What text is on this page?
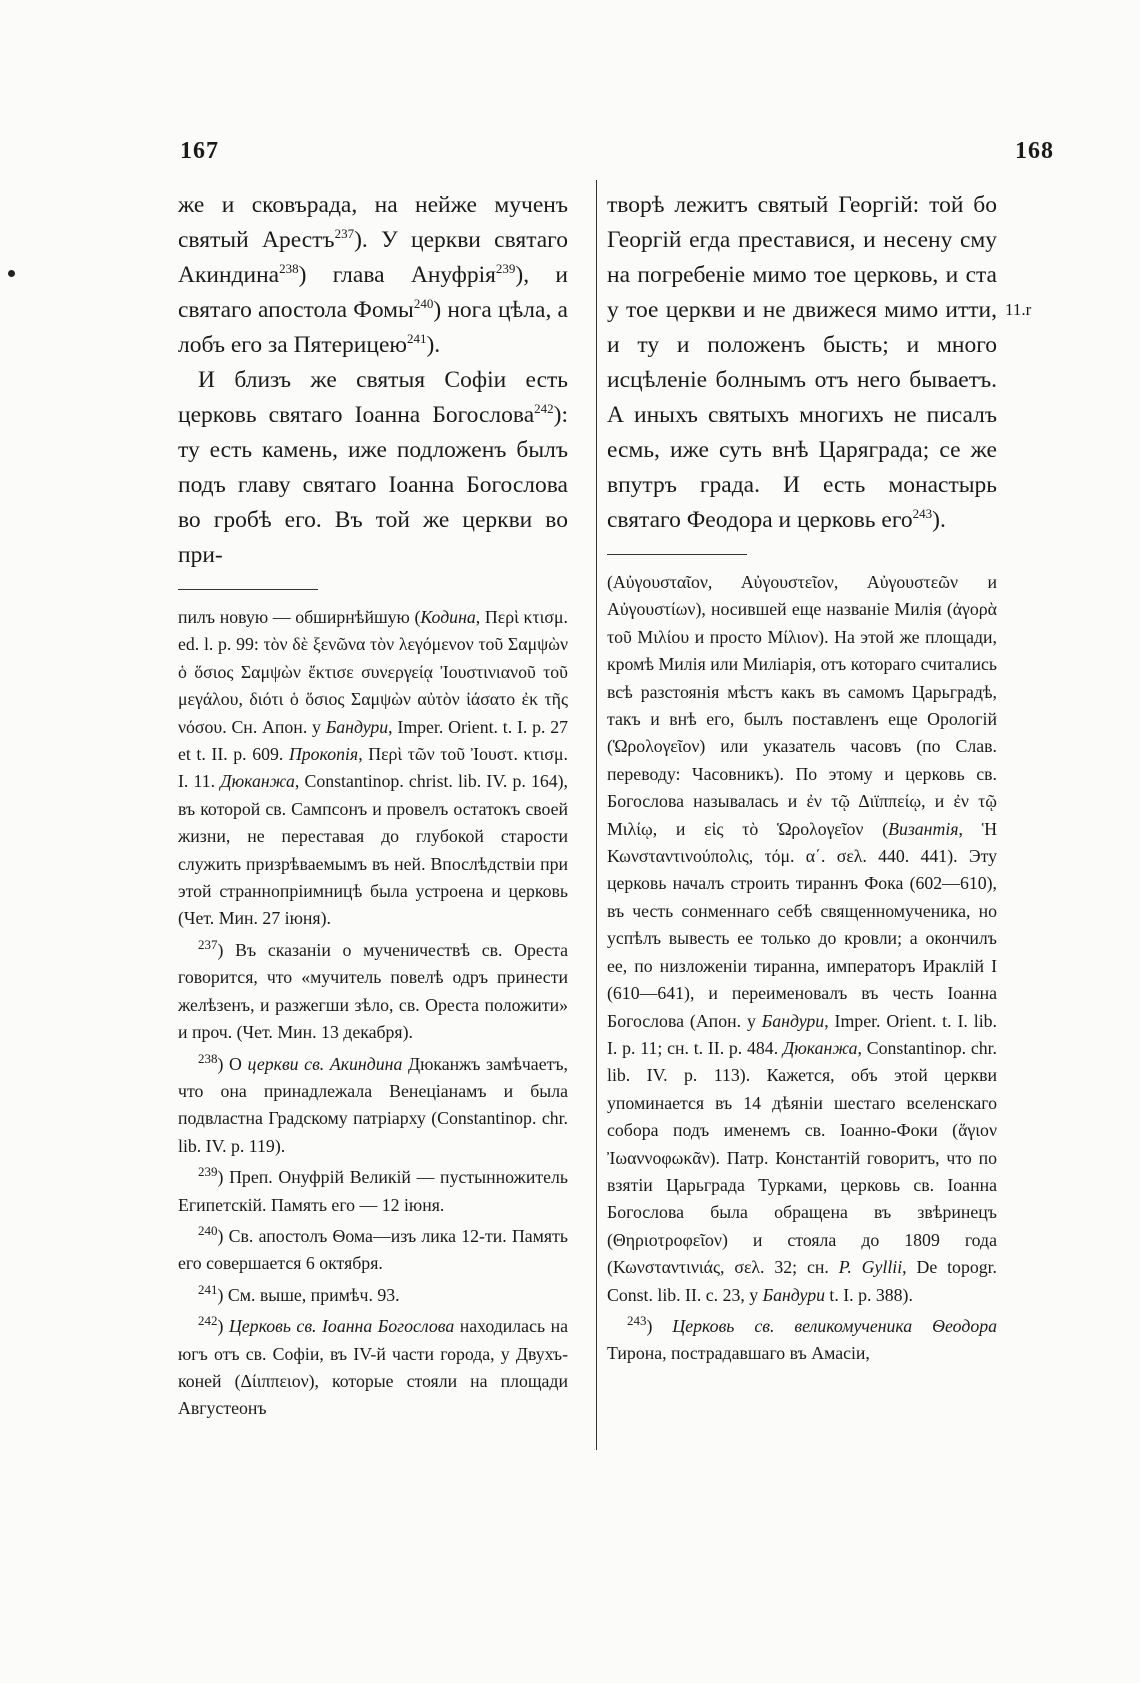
167	168

же и сковърада, на нейже мученъ святый Арестъ$^{237}$). У церкви святаго Акиндина$^{238}$) глава Ануфрія$^{239}$), и святаго апостола Фомы$^{240}$) нога цѣла, а лобъ его за Пятерицею$^{241}$).

И близъ же святыя Софіи есть церковь святаго Іоанна Богослова$^{242}$): ту есть камень, иже подложенъ былъ подъ главу святаго Іоанна Богослова во гробѣ его. Въ той же церкви во при-

пилъ новую — обширнѣйшую (Кодина, Περὶ κτισμ. ed. l. p. 99: τὸν δὲ ξενῶνα τὸν λεγόμενον τοῦ Σαμψὼν ὁ ὅσιος Σαμψὼν ἔκτισε συνεργείᾳ Ἰουστινιανοῦ τοῦ μεγάλου, διότι ὁ ὅσιος Σαμψὼν αὐτὸν ἰάσατο ἐκ τῆς νόσου. Сн. Апон. у Бандури, Imper. Orient. t. I. p. 27 et t. II. p. 609. Прокопія, Περὶ τῶν τοῦ Ἰουστ. κτισμ. I. 11. Дюканжа, Constantinop. christ. lib. IV. p. 164), въ которой св. Сампсонъ и провелъ остатокъ своей жизни, не переставая до глубокой старости служить призрѣваемымъ въ ней. Впослѣдствіи при этой страннопріимницѣ была устроена и церковь (Чет. Мин. 27 іюня).

$^{237}$) Въ сказаніи о мученичествѣ св. Ореста говорится, что «мучитель повелѣ одръ принести желѣзенъ, и разжегши зѣло, св. Ореста положити» и проч. (Чет. Мин. 13 декабря).

$^{238}$) О церкви св. Акиндина Дюканжъ замѣчаетъ, что она принадлежала Венеціанамъ и была подвластна Градскому патріарху (Constantinop. chr. lib. IV. p. 119).

$^{239}$) Преп. Онуфрій Великій — пустынножитель Египетскій. Память его — 12 іюня.

$^{240}$) Св. апостолъ Ѳома—изъ лика 12-ти. Память его совершается 6 октября.

$^{241}$) См. выше, примѣч. 93.

$^{242}$) Церковь св. Іоанна Богослова находилась на югъ отъ св. Софіи, въ IV-й части города, у Двухъ-коней (Δίιππειον), которые стояли на площади Августеонъ

творѣ лежитъ святый Георгій: той бо Георгій егда преставися, и несену сму на погребеніе мимо тое церковь, и ста у тое церкви и не движеся мимо итти, и ту и положенъ бысть; и много исцѣленіе болнымъ отъ него бываетъ. А иныхъ святыхъ многихъ не писалъ есмь, иже суть внѣ Царяграда; се же впутръ града. И есть монастырь святаго Феодора и церковь его$^{243}$).

(Αὐγουσταῖον, Αὐγουστεῖον, Αὐγουστεῶν и Αὐγουστίων), носившей еще названіе Милія (ἀγορὰ τοῦ Μιλίου и просто Μίλιον). На этой же площади, кромѣ Милія или Миліарія, отъ котораго считались всѣ разстоянія мѣстъ какъ въ самомъ Царьградѣ, такъ и внѣ его, былъ поставленъ еще Орологій (Ὡρολογεῖον) или указатель часовъ (по Слав. переводу: Часовникъ). По этому и церковь св. Богослова называлась и ἐν τῷ Διϊππείῳ, и ἐν τῷ Μιλίῳ, и εἰς τὸ Ὡρολογεῖον (Византія, Ἡ Κωνσταντινούπολις, τόμ. α΄. σελ. 440. 441). Эту церковь началъ строить тираннъ Фока (602—610), въ честь сонменнаго себѣ священномученика, но успѣлъ вывесть ее только до кровли; а окончилъ ее, по низложеніи тиранна, императоръ Ираклій I (610—641), и переименовалъ въ честь Іоанна Богослова (Апон. у Бандури, Imper. Orient. t. I. lib. I. p. 11; сн. t. II. p. 484. Дюканжа, Constantinop. chr. lib. IV. p. 113). Кажется, объ этой церкви упоминается въ 14 дѣяніи шестаго вселенскаго собора подъ именемъ св. Іоанно-Фоки (ἅγιον Ἰωαννοφωκᾶν). Патр. Константій говоритъ, что по взятіи Царьграда Турками, церковь св. Іоанна Богослова была обращена въ звѣринецъ (Θηριοτροφεῖον) и стояла до 1809 года (Κωνσταντινιάς, σελ. 32; сн. P. Gyllii, De topogr. Const. lib. II. c. 23, у Бандури t. I. p. 388).

$^{243}$) Церковь св. великомученика Ѳеодора Тирона, пострадавшаго въ Амасіи,

11.r
